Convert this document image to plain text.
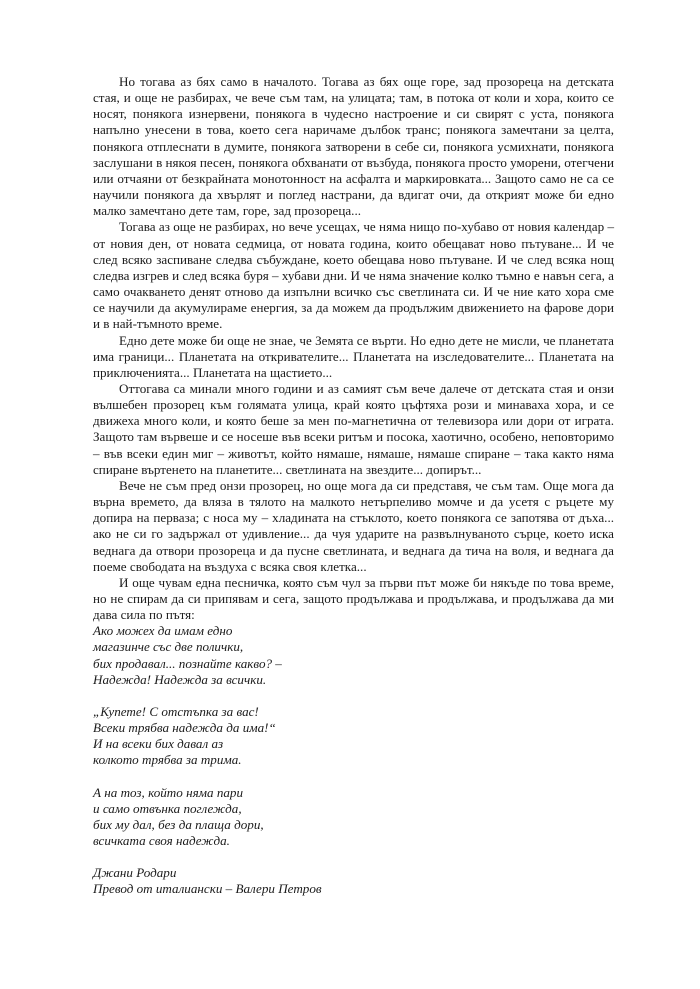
Но тогава аз бях само в началото. Тогава аз бях още горе, зад прозореца на детската стая, и още не разбирах, че вече съм там, на улицата; там, в потока от коли и хора, които се носят, понякога изнервени, понякога в чудесно настроение и си свирят с уста, понякога напълно унесени в това, което сега наричаме дълбок транс; понякога замечтани за целта, понякога отплеснати в думите, понякога затворени в себе си, понякога усмихнати, понякога заслушани в някоя песен, понякога обхванати от възбуда, понякога просто уморени, отегчени или отчаяни от безкрайната монотонност на асфалта и маркировката... Защото само не са се научили понякога да хвърлят и поглед настрани, да вдигат очи, да открият може би едно малко замечтано дете там, горе, зад прозореца...

Тогава аз още не разбирах, но вече усещах, че няма нищо по-хубаво от новия календар – от новия ден, от новата седмица, от новата година, които обещават ново пътуване... И че след всяко заспиване следва събуждане, което обещава ново пътуване. И че след всяка нощ следва изгрев и след всяка буря – хубави дни. И че няма значение колко тъмно е навън сега, а само очакването денят отново да изпълни всичко със светлината си. И че ние като хора сме се научили да акумулираме енергия, за да можем да продължим движението на фарове дори и в най-тъмното време.

Едно дете може би още не знае, че Земята се върти. Но едно дете не мисли, че планетата има граници... Планетата на откривателите... Планетата на изследователите... Планетата на приключенията... Планетата на щастието...

Оттогава са минали много години и аз самият съм вече далече от детската стая и онзи вълшебен прозорец към голямата улица, край която цъфтяха рози и минаваха хора, и се движеха много коли, и която беше за мен по-магнетична от телевизора или дори от играта. Защото там вървеше и се носеше във всеки ритъм и посока, хаотично, особено, неповторимо – във всеки един миг – животът, който нямаше, нямаше, нямаше спиране – така както няма спиране въртенето на планетите... светлината на звездите... допирът...

Вече не съм пред онзи прозорец, но още мога да си представя, че съм там. Още мога да върна времето, да вляза в тялото на малкото нетърпеливо момче и да усетя с ръцете му допира на перваза; с носа му – хладината на стъклото, което понякога се запотява от дъха... ако не си го задържал от удивление... да чуя ударите на развълнуваното сърце, което иска веднага да отвори прозореца и да пусне светлината, и веднага да тича на воля, и веднага да поеме свободата на въздуха с всяка своя клетка...

И още чувам една песничка, която съм чул за първи път може би някъде по това време, но не спирам да си припявам и сега, защото продължава и продължава, и продължава да ми дава сила по пътя:

Ако можех да имам едно
магазинче със две полички,
бих продавал... познайте какво? –
Надежда! Надежда за всички.
„Купете! С отстъпка за вас!
Всеки трябва надежда да има!“
И на всеки бих давал аз
колкото трябва за трима.
А на тоз, който няма пари
и само отвънка поглежда,
бих му дал, без да плаща дори,
всичката своя надежда.
Джани Родари
Превод от италиански – Валери Петров
